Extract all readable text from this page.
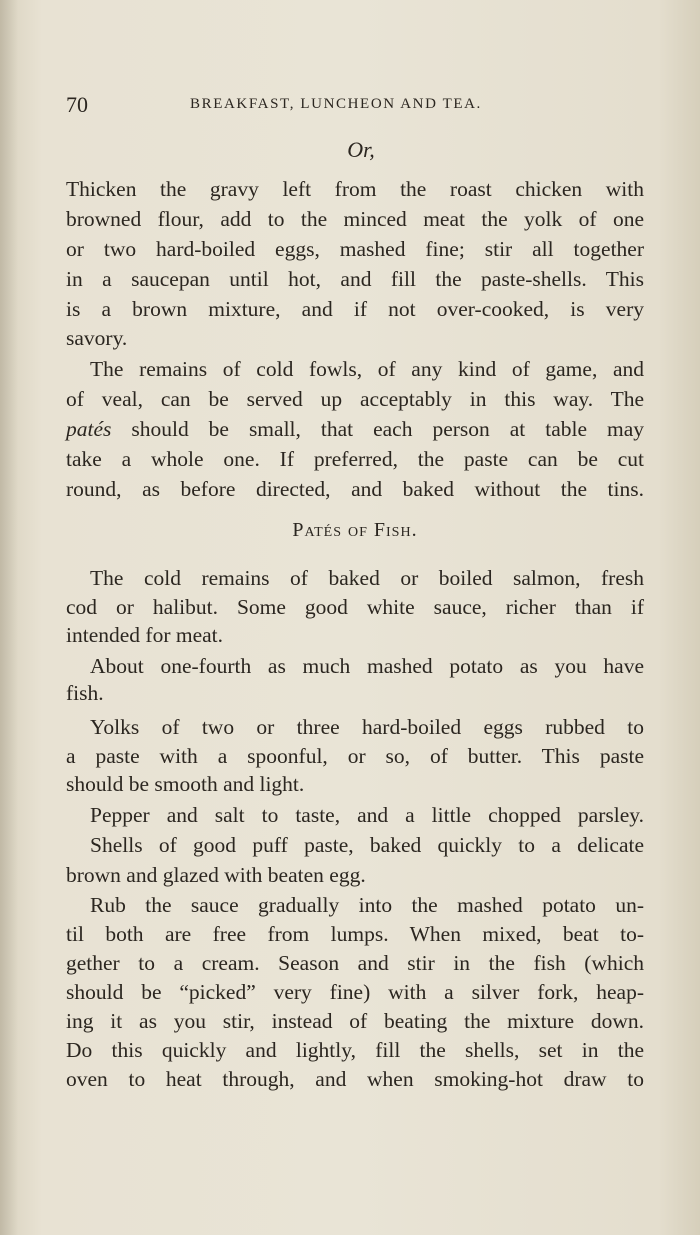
70	BREAKFAST, LUNCHEON AND TEA.
Or,
Thicken the gravy left from the roast chicken with
browned flour, add to the minced meat the yolk of one
or two hard-boiled eggs, mashed fine; stir all together
in a saucepan until hot, and fill the paste-shells. This
is a brown mixture, and if not over-cooked, is very
savory.
The remains of cold fowls, of any kind of game, and
of veal, can be served up acceptably in this way. The
patés should be small, that each person at table may
take a whole one. If preferred, the paste can be cut
round, as before directed, and baked without the tins.
Patés of Fish.
The cold remains of baked or boiled salmon, fresh
cod or halibut. Some good white sauce, richer than if
intended for meat.
About one-fourth as much mashed potato as you have
fish.
Yolks of two or three hard-boiled eggs rubbed to
a paste with a spoonful, or so, of butter. This paste
should be smooth and light.
Pepper and salt to taste, and a little chopped parsley.
Shells of good puff paste, baked quickly to a delicate
brown and glazed with beaten egg.
Rub the sauce gradually into the mashed potato un-
til both are free from lumps. When mixed, beat to-
gether to a cream. Season and stir in the fish (which
should be “picked” very fine) with a silver fork, heap-
ing it as you stir, instead of beating the mixture down.
Do this quickly and lightly, fill the shells, set in the
oven to heat through, and when smoking-hot draw to
